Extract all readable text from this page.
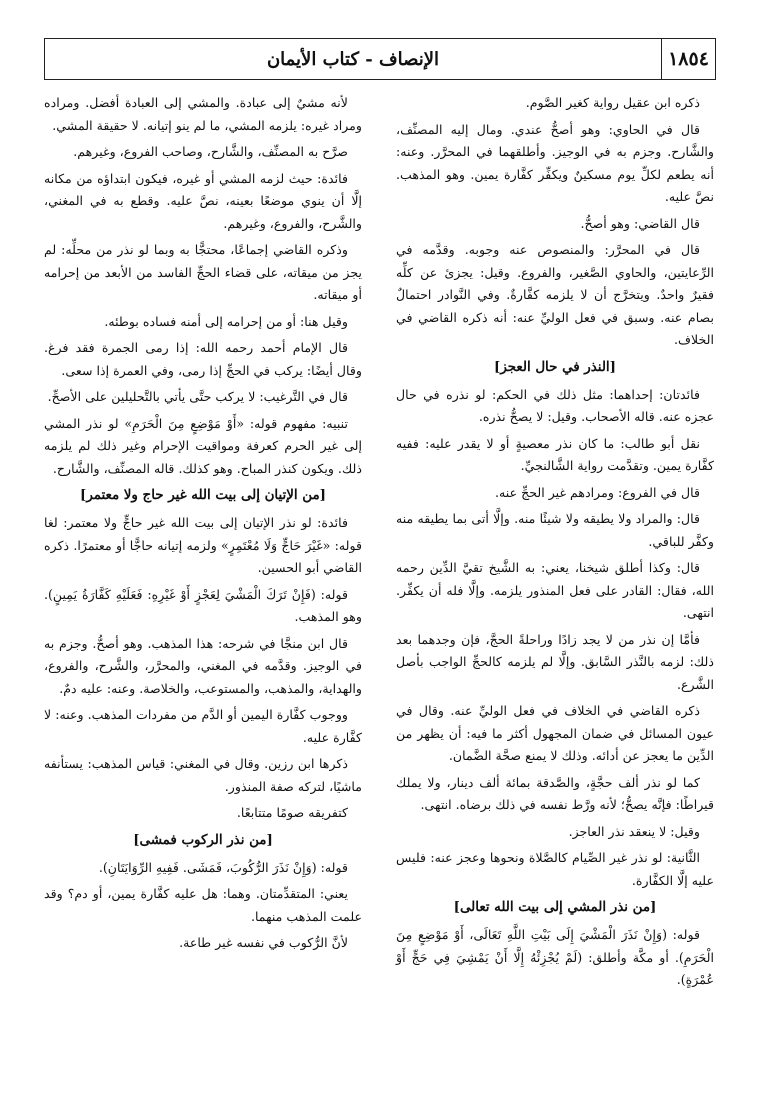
١٨٥٤
الإنصاف - كتاب الأيمان
ذكره ابن عقيل رواية كغير الصَّوم.
قال في الحاوي: وهو أصحُّ عندي. ومال إليه المصنِّف، والشَّارح. وجزم به في الوجيز. وأطلقهما في المحرَّر. وعنه: أنه يطعم لكلِّ يوم مسكينٌ ويكفِّر كفَّارة يمين. وهو المذهب. نصَّ عليه.
قال القاضي: وهو أصحُّ.
قال في المحرَّر: والمنصوص عنه وجوبه. وقدَّمه في الرِّعايتين، والحاوي الصَّغير، والفروع. وقيل: يجزئ عن كلِّه فقيرٌ واحدٌ. ويتخرَّج أن لا يلزمه كفَّارةٌ. وفي النَّوادر احتمالٌ بصام عنه. وسبق في فعل الوليِّ عنه: أنه ذكره القاضي في الخلاف.
[النذر في حال العجز]
فائدتان: إحداهما: مثل ذلك في الحكم: لو نذره في حال عجزه عنه. قاله الأصحاب. وقيل: لا يصحُّ نذره.
نقل أبو طالب: ما كان نذر معصيةٍ أو لا يقدر عليه: ففيه كفَّارة يمين. وتقدَّمت رواية الشَّالنجيِّ.
قال في الفروع: ومرادهم غير الحجِّ عنه.
قال: والمراد ولا يطيقه ولا شيئًا منه. وإلَّا أتى بما يطيقه منه وكفَّر للباقي.
قال: وكذا أطلق شيخنا، يعني: به الشَّيخ تقيَّ الدِّين رحمه الله، فقال: القادر على فعل المنذور يلزمه. وإلَّا فله أن يكفِّر. انتهى.
فأمَّا إن نذر من لا يجد زادًا وراحلةً الحجَّ، فإن وجدهما بعد ذلك: لزمه بالنَّذر السَّابق. وإلَّا لم يلزمه كالحجِّ الواجب بأصل الشَّرع.
ذكره القاضي في الخلاف في فعل الوليِّ عنه. وقال في عيون المسائل في ضمان المجهول أكثر ما فيه: أن يظهر من الدِّين ما يعجز عن أدائه. وذلك لا يمنع صحَّة الضَّمان.
كما لو نذر ألف حجَّةٍ، والصَّدقة بمائة ألف دينار، ولا يملك قيراطًا: فإنَّه يصحُّ؛ لأنه ورَّط نفسه في ذلك برضاه. انتهى.
وقيل: لا ينعقد نذر العاجز.
الثَّانية: لو نذر غير الصِّيام كالصَّلاة ونحوها وعجز عنه: فليس عليه إلَّا الكفَّارة.
[من نذر المشي إلى بيت الله تعالى]
قوله: (وَإِنْ نَذَرَ الْمَشْيَ إِلَى بَيْتِ اللَّهِ تَعَالَى، أَوْ مَوْضِعٍ مِنَ الْحَرَمِ). أو مكَّة وأطلق: (لَمْ يُجْزِئْهُ إِلَّا أَنْ يَمْشِيَ فِي حَجٍّ أَوْ عُمْرَةٍ).
لأنه مشيٌ إلى عبادة. والمشي إلى العبادة أفضل. ومراده ومراد غيره: يلزمه المشي، ما لم ينو إتيانه. لا حقيقة المشي.
صرَّح به المصنِّف، والشَّارح، وصاحب الفروع، وغيرهم.
فائدة: حيث لزمه المشي أو غيره، فيكون ابتداؤه من مكانه إلَّا أن ينوي موضعًا بعينه، نصَّ عليه. وقطع به في المغني، والشَّرح، والفروع، وغيرهم.
وذكره القاضي إجماعًا، محتجًّا به وبما لو نذر من محلِّه: لم يجز من ميقاته، على قضاء الحجِّ الفاسد من الأبعد من إحرامه أو ميقاته.
وقيل هنا: أو من إحرامه إلى أمنه فساده بوطئه.
قال الإمام أحمد رحمه الله: إذا رمى الجمرة فقد فرغ. وقال أيضًا: يركب في الحجِّ إذا رمى، وفي العمرة إذا سعى.
قال في التَّرغيب: لا يركب حتَّى يأتي بالتَّحليلين على الأصحِّ.
تنبيه: مفهوم قوله: «أَوْ مَوْضِعٍ مِنَ الْحَرَمِ» لو نذر المشي إلى غير الحرم كعرفة ومواقيت الإحرام وغير ذلك لم يلزمه ذلك. ويكون كنذر المباح. وهو كذلك. قاله المصنِّف، والشَّارح.
[من الإتيان إلى بيت الله غير حاج ولا معتمر]
فائدة: لو نذر الإتيان إلى بيت الله غير حاجٍّ ولا معتمر: لغا قوله: «غَيْرَ حَاجٍّ وَلَا مُعْتَمِرٍ» ولزمه إتيانه حاجًّا أو معتمرًا. ذكره القاضي أبو الحسين.
قوله: (فَإِنْ تَرَكَ الْمَشْيَ لِعَجْزٍ أَوْ غَيْرِهِ: فَعَلَيْهِ كَفَّارَةُ يَمِينٍ). وهو المذهب.
قال ابن منجَّا في شرحه: هذا المذهب. وهو أصحُّ. وجزم به في الوجيز. وقدَّمه في المغني، والمحرَّر، والشَّرح، والفروع، والهداية، والمذهب، والمستوعب، والخلاصة. وعنه: عليه دمٌ.
ووجوب كفَّارة اليمين أو الدَّم من مفردات المذهب. وعنه: لا كفَّارة عليه.
ذكرها ابن رزين. وقال في المغني: قياس المذهب: يستأنفه ماشيًا، لتركه صفة المنذور.
كتفريقه صومًا متتابعًا.
[من نذر الركوب فمشى]
قوله: (وَإِنْ نَذَرَ الرُّكُوبَ، فَمَشَى. فَفِيهِ الرِّوَايَتَانِ).
يعني: المتقدِّمتان. وهما: هل عليه كفَّارة يمين، أو دم؟ وقد علمت المذهب منهما.
لأنَّ الرُّكوب في نفسه غير طاعة.
